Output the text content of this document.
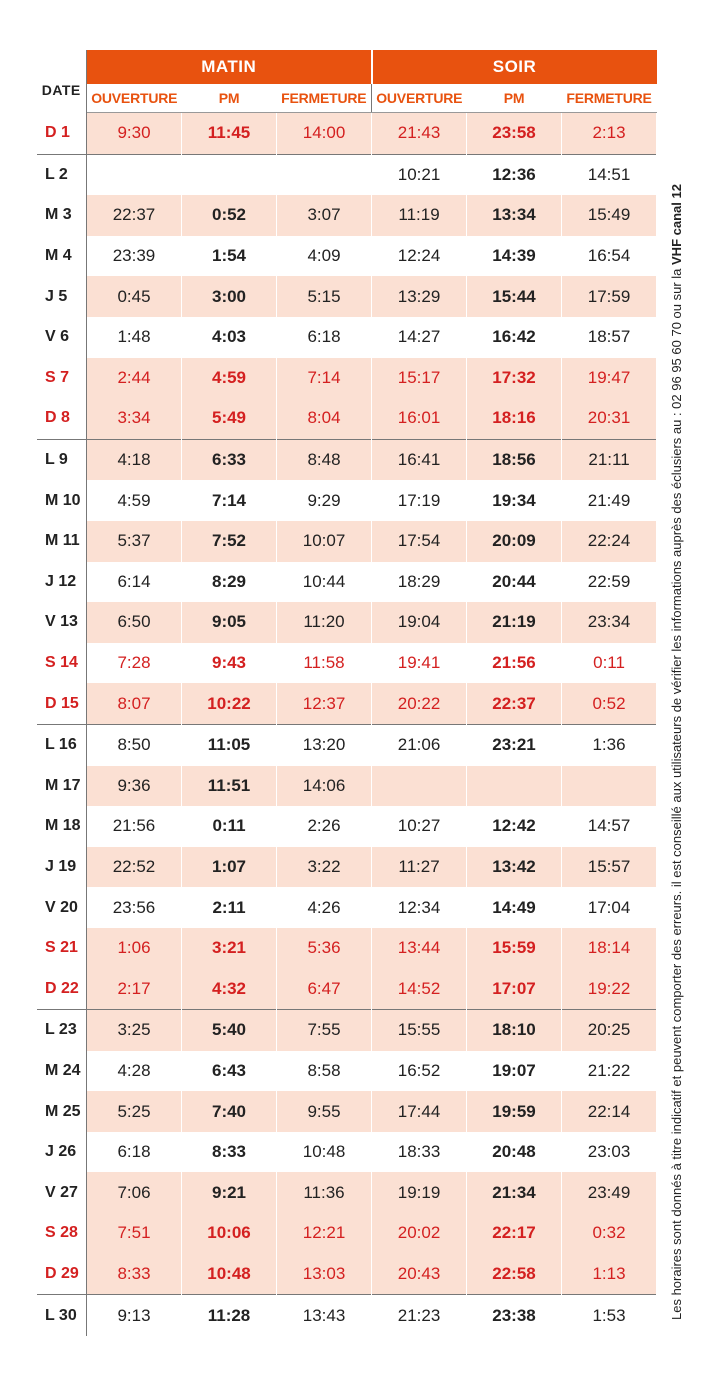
DATE	MATIN			SOIR		
	OUVERTURE	PM	FERMETURE	OUVERTURE	PM	FERMETURE
D 1	9:30	11:45	14:00	21:43	23:58	2:13
L 2				10:21	12:36	14:51
M 3	22:37	0:52	3:07	11:19	13:34	15:49
M 4	23:39	1:54	4:09	12:24	14:39	16:54
J 5	0:45	3:00	5:15	13:29	15:44	17:59
V 6	1:48	4:03	6:18	14:27	16:42	18:57
S 7	2:44	4:59	7:14	15:17	17:32	19:47
D 8	3:34	5:49	8:04	16:01	18:16	20:31
L 9	4:18	6:33	8:48	16:41	18:56	21:11
M 10	4:59	7:14	9:29	17:19	19:34	21:49
M 11	5:37	7:52	10:07	17:54	20:09	22:24
J 12	6:14	8:29	10:44	18:29	20:44	22:59
V 13	6:50	9:05	11:20	19:04	21:19	23:34
S 14	7:28	9:43	11:58	19:41	21:56	0:11
D 15	8:07	10:22	12:37	20:22	22:37	0:52
L 16	8:50	11:05	13:20	21:06	23:21	1:36
M 17	9:36	11:51	14:06			
M 18	21:56	0:11	2:26	10:27	12:42	14:57
J 19	22:52	1:07	3:22	11:27	13:42	15:57
V 20	23:56	2:11	4:26	12:34	14:49	17:04
S 21	1:06	3:21	5:36	13:44	15:59	18:14
D 22	2:17	4:32	6:47	14:52	17:07	19:22
L 23	3:25	5:40	7:55	15:55	18:10	20:25
M 24	4:28	6:43	8:58	16:52	19:07	21:22
M 25	5:25	7:40	9:55	17:44	19:59	22:14
J 26	6:18	8:33	10:48	18:33	20:48	23:03
V 27	7:06	9:21	11:36	19:19	21:34	23:49
S 28	7:51	10:06	12:21	20:02	22:17	0:32
D 29	8:33	10:48	13:03	20:43	22:58	1:13
L 30	9:13	11:28	13:43	21:23	23:38	1:53	Les horaires sont donnés à titre indicatif et peuvent comporter des erreurs. il est conseillé aux utilisateurs de vérifier les informations auprès des éclusiers au : 02 96 95 60 70 ou sur la VHF canal 12
